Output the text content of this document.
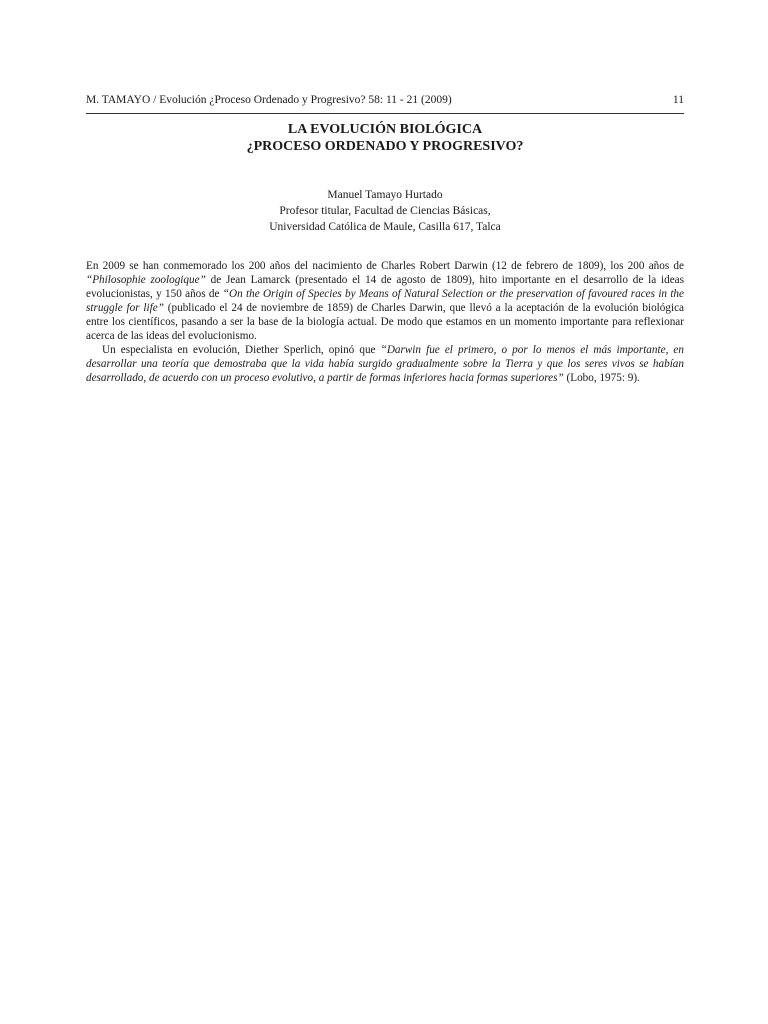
M. TAMAYO / Evolución ¿Proceso Ordenado y Progresivo? 58: 11 - 21 (2009)	11
LA EVOLUCIÓN BIOLÓGICA
¿PROCESO ORDENADO Y PROGRESIVO?
Manuel Tamayo Hurtado
Profesor titular, Facultad de Ciencias Básicas,
Universidad Católica de Maule, Casilla 617, Talca

En 2009 se han conmemorado los 200 años del nacimiento de Charles Robert Darwin (12 de febrero de 1809), los 200 años de “Philosophie zoologique” de Jean Lamarck (presentado el 14 de agosto de 1809), hito importante en el desarrollo de la ideas evolucionistas, y 150 años de “On the Origin of Species by Means of Natural Selection or the preservation of favoured races in the struggle for life” (publicado el 24 de noviembre de 1859) de Charles Darwin, que llevó a la aceptación de la evolución biológica entre los científicos, pasando a ser la base de la biología actual. De modo que estamos en un momento importante para reflexionar acerca de las ideas del evolucionismo.

Un especialista en evolución, Diether Sperlich, opinó que “Darwin fue el primero, o por lo menos el más importante, en desarrollar una teoría que demostraba que la vida había surgido gradualmente sobre la Tierra y que los seres vivos se habían desarrollado, de acuerdo con un proceso evolutivo, a partir de formas inferiores hacia formas superiores” (Lobo, 1975: 9).
